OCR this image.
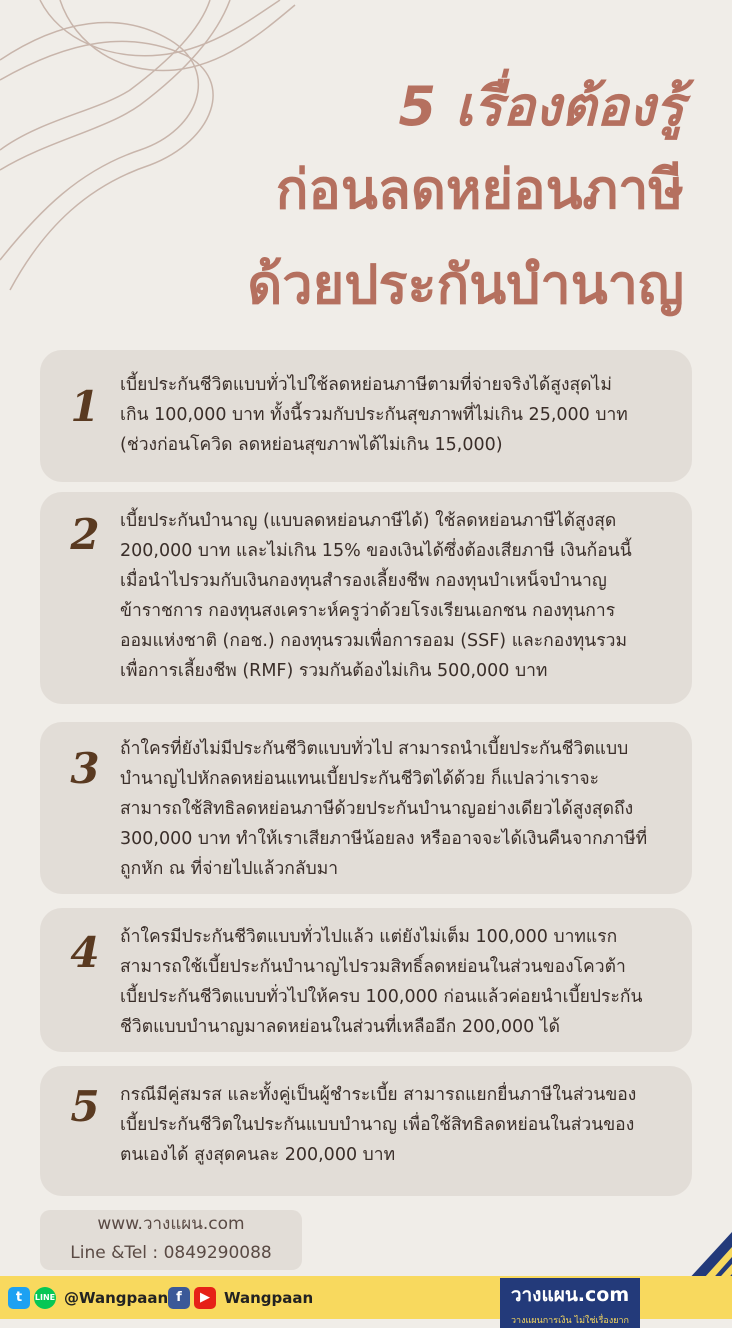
5 เรื่องต้องรู้
ก่อนลดหย่อนภาษี
ด้วยประกันบำนาญ
1	เบี้ยประกันชีวิตแบบทั่วไปใช้ลดหย่อนภาษีตามที่จ่ายจริงได้สูงสุดไม่
เกิน 100,000 บาท ทั้งนี้รวมกับประกันสุขภาพที่ไม่เกิน 25,000 บาท
(ช่วงก่อนโควิด ลดหย่อนสุขภาพได้ไม่เกิน 15,000)
2	เบี้ยประกันบำนาญ (แบบลดหย่อนภาษีได้) ใช้ลดหย่อนภาษีได้สูงสุด
200,000 บาท และไม่เกิน 15% ของเงินได้ซึ่งต้องเสียภาษี เงินก้อนนี้
เมื่อนำไปรวมกับเงินกองทุนสำรองเลี้ยงชีพ กองทุนบำเหน็จบำนาญ
ข้าราชการ กองทุนสงเคราะห์ครูว่าด้วยโรงเรียนเอกชน กองทุนการ
ออมแห่งชาติ (กอช.) กองทุนรวมเพื่อการออม (SSF) และกองทุนรวม
เพื่อการเลี้ยงชีพ (RMF) รวมกันต้องไม่เกิน 500,000 บาท
3	ถ้าใครที่ยังไม่มีประกันชีวิตแบบทั่วไป สามารถนำเบี้ยประกันชีวิตแบบ
บำนาญไปหักลดหย่อนแทนเบี้ยประกันชีวิตได้ด้วย ก็แปลว่าเราจะ
สามารถใช้สิทธิลดหย่อนภาษีด้วยประกันบำนาญอย่างเดียวได้สูงสุดถึง
300,000 บาท ทำให้เราเสียภาษีน้อยลง หรืออาจจะได้เงินคืนจากภาษีที่
ถูกหัก ณ ที่จ่ายไปแล้วกลับมา
4	ถ้าใครมีประกันชีวิตแบบทั่วไปแล้ว แต่ยังไม่เต็ม 100,000 บาทแรก
สามารถใช้เบี้ยประกันบำนาญไปรวมสิทธิ์ลดหย่อนในส่วนของโควต้า
เบี้ยประกันชีวิตแบบทั่วไปให้ครบ 100,000 ก่อนแล้วค่อยนำเบี้ยประกัน
ชีวิตแบบบำนาญมาลดหย่อนในส่วนที่เหลืออีก 200,000 ได้
5	กรณีมีคู่สมรส และทั้งคู่เป็นผู้ชำระเบี้ย สามารถแยกยื่นภาษีในส่วนของ
เบี้ยประกันชีวิตในประกันแบบบำนาญ เพื่อใช้สิทธิลดหย่อนในส่วนของ
ตนเองได้ สูงสุดคนละ 200,000 บาท
www.วางแผน.com
Line &Tel : 0849290088
t	LINE @Wangpaan f	▶ Wangpaan	วางแผน.com
วางแผนการเงิน ไม่ใช่เรื่องยาก
